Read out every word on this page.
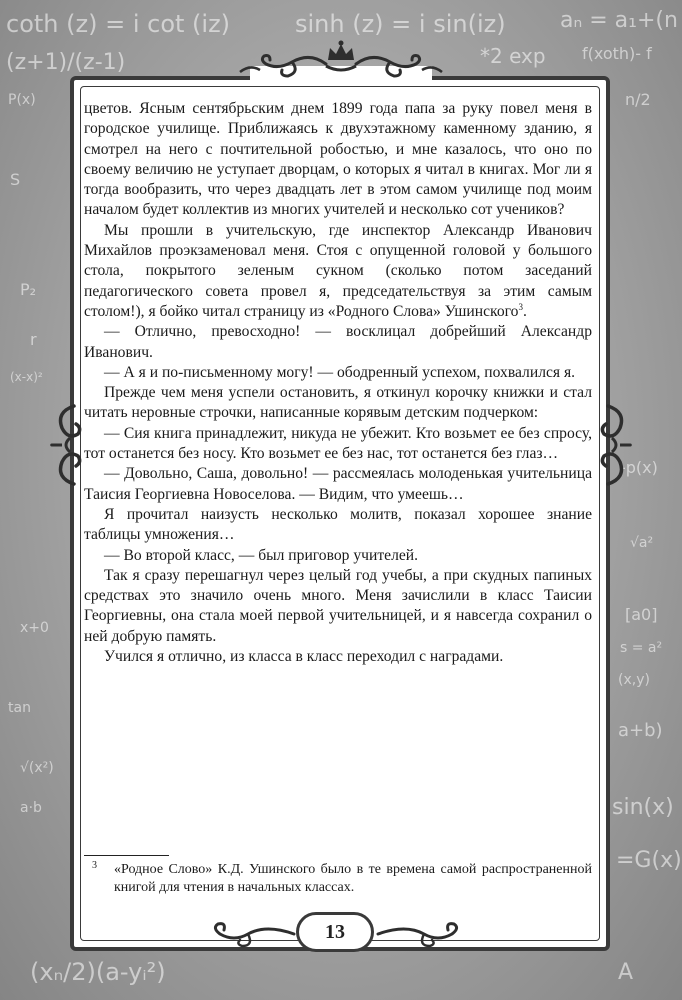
coth (z) = i cot (iz)	sinh (z) = i sin(iz) aₙ = a₁+(n
(z+1)/(z-1)	*2 exp f(xoth)- f
n/2
P(x)
S
P₂
r
(x-x)²
sin(x)
=G(x)
a+b)
√a²
√(x²)
(xₙ/2)(a-yᵢ²)
a·b
x+0
[a0]
-p(x)
s = a²
(x,y)
tan
A

цветов. Ясным сентябрьским днем 1899 года папа за руку повел меня в городское училище. Приближаясь к двухэтажному каменному зданию, я смотрел на него с почтительной робостью, и мне казалось, что оно по своему величию не уступает дворцам, о которых я читал в книгах. Мог ли я тогда вообразить, что через двадцать лет в этом самом училище под моим началом будет коллектив из многих учителей и несколько сот учеников?

Мы прошли в учительскую, где инспектор Александр Иванович Михайлов проэкзаменовал меня. Стоя с опущенной головой у большого стола, покрытого зеленым сукном (сколько потом заседаний педагогического совета провел я, председательствуя за этим самым столом!), я бойко читал страницу из «Родного Слова» Ушинского$^3$.

— Отлично, превосходно! — восклицал добрейший Александр Иванович.

— А я и по-письменному могу! — ободренный успехом, похвалился я.

Прежде чем меня успели остановить, я откинул корочку книжки и стал читать неровные строчки, написанные корявым детским подчерком:

— Сия книга принадлежит, никуда не убежит. Кто возьмет ее без спросу, тот останется без носу. Кто возьмет ее без нас, тот останется без глаз…

— Довольно, Саша, довольно! — рассмеялась молоденькая учительница Таисия Георгиевна Новоселова. — Видим, что умеешь…

Я прочитал наизусть несколько молитв, показал хорошее знание таблицы умножения…

— Во второй класс, — был приговор учителей.

Так я сразу перешагнул через целый год учебы, а при скудных папиных средствах это значило очень много. Меня зачислили в класс Таисии Георгиевны, она стала моей первой учительницей, и я навсегда сохранил о ней добрую память.

Учился я отлично, из класса в класс переходил с наградами.

3	«Родное Слово» К.Д. Ушинского было в те времена самой распространенной книгой для чтения в начальных классах.
13
